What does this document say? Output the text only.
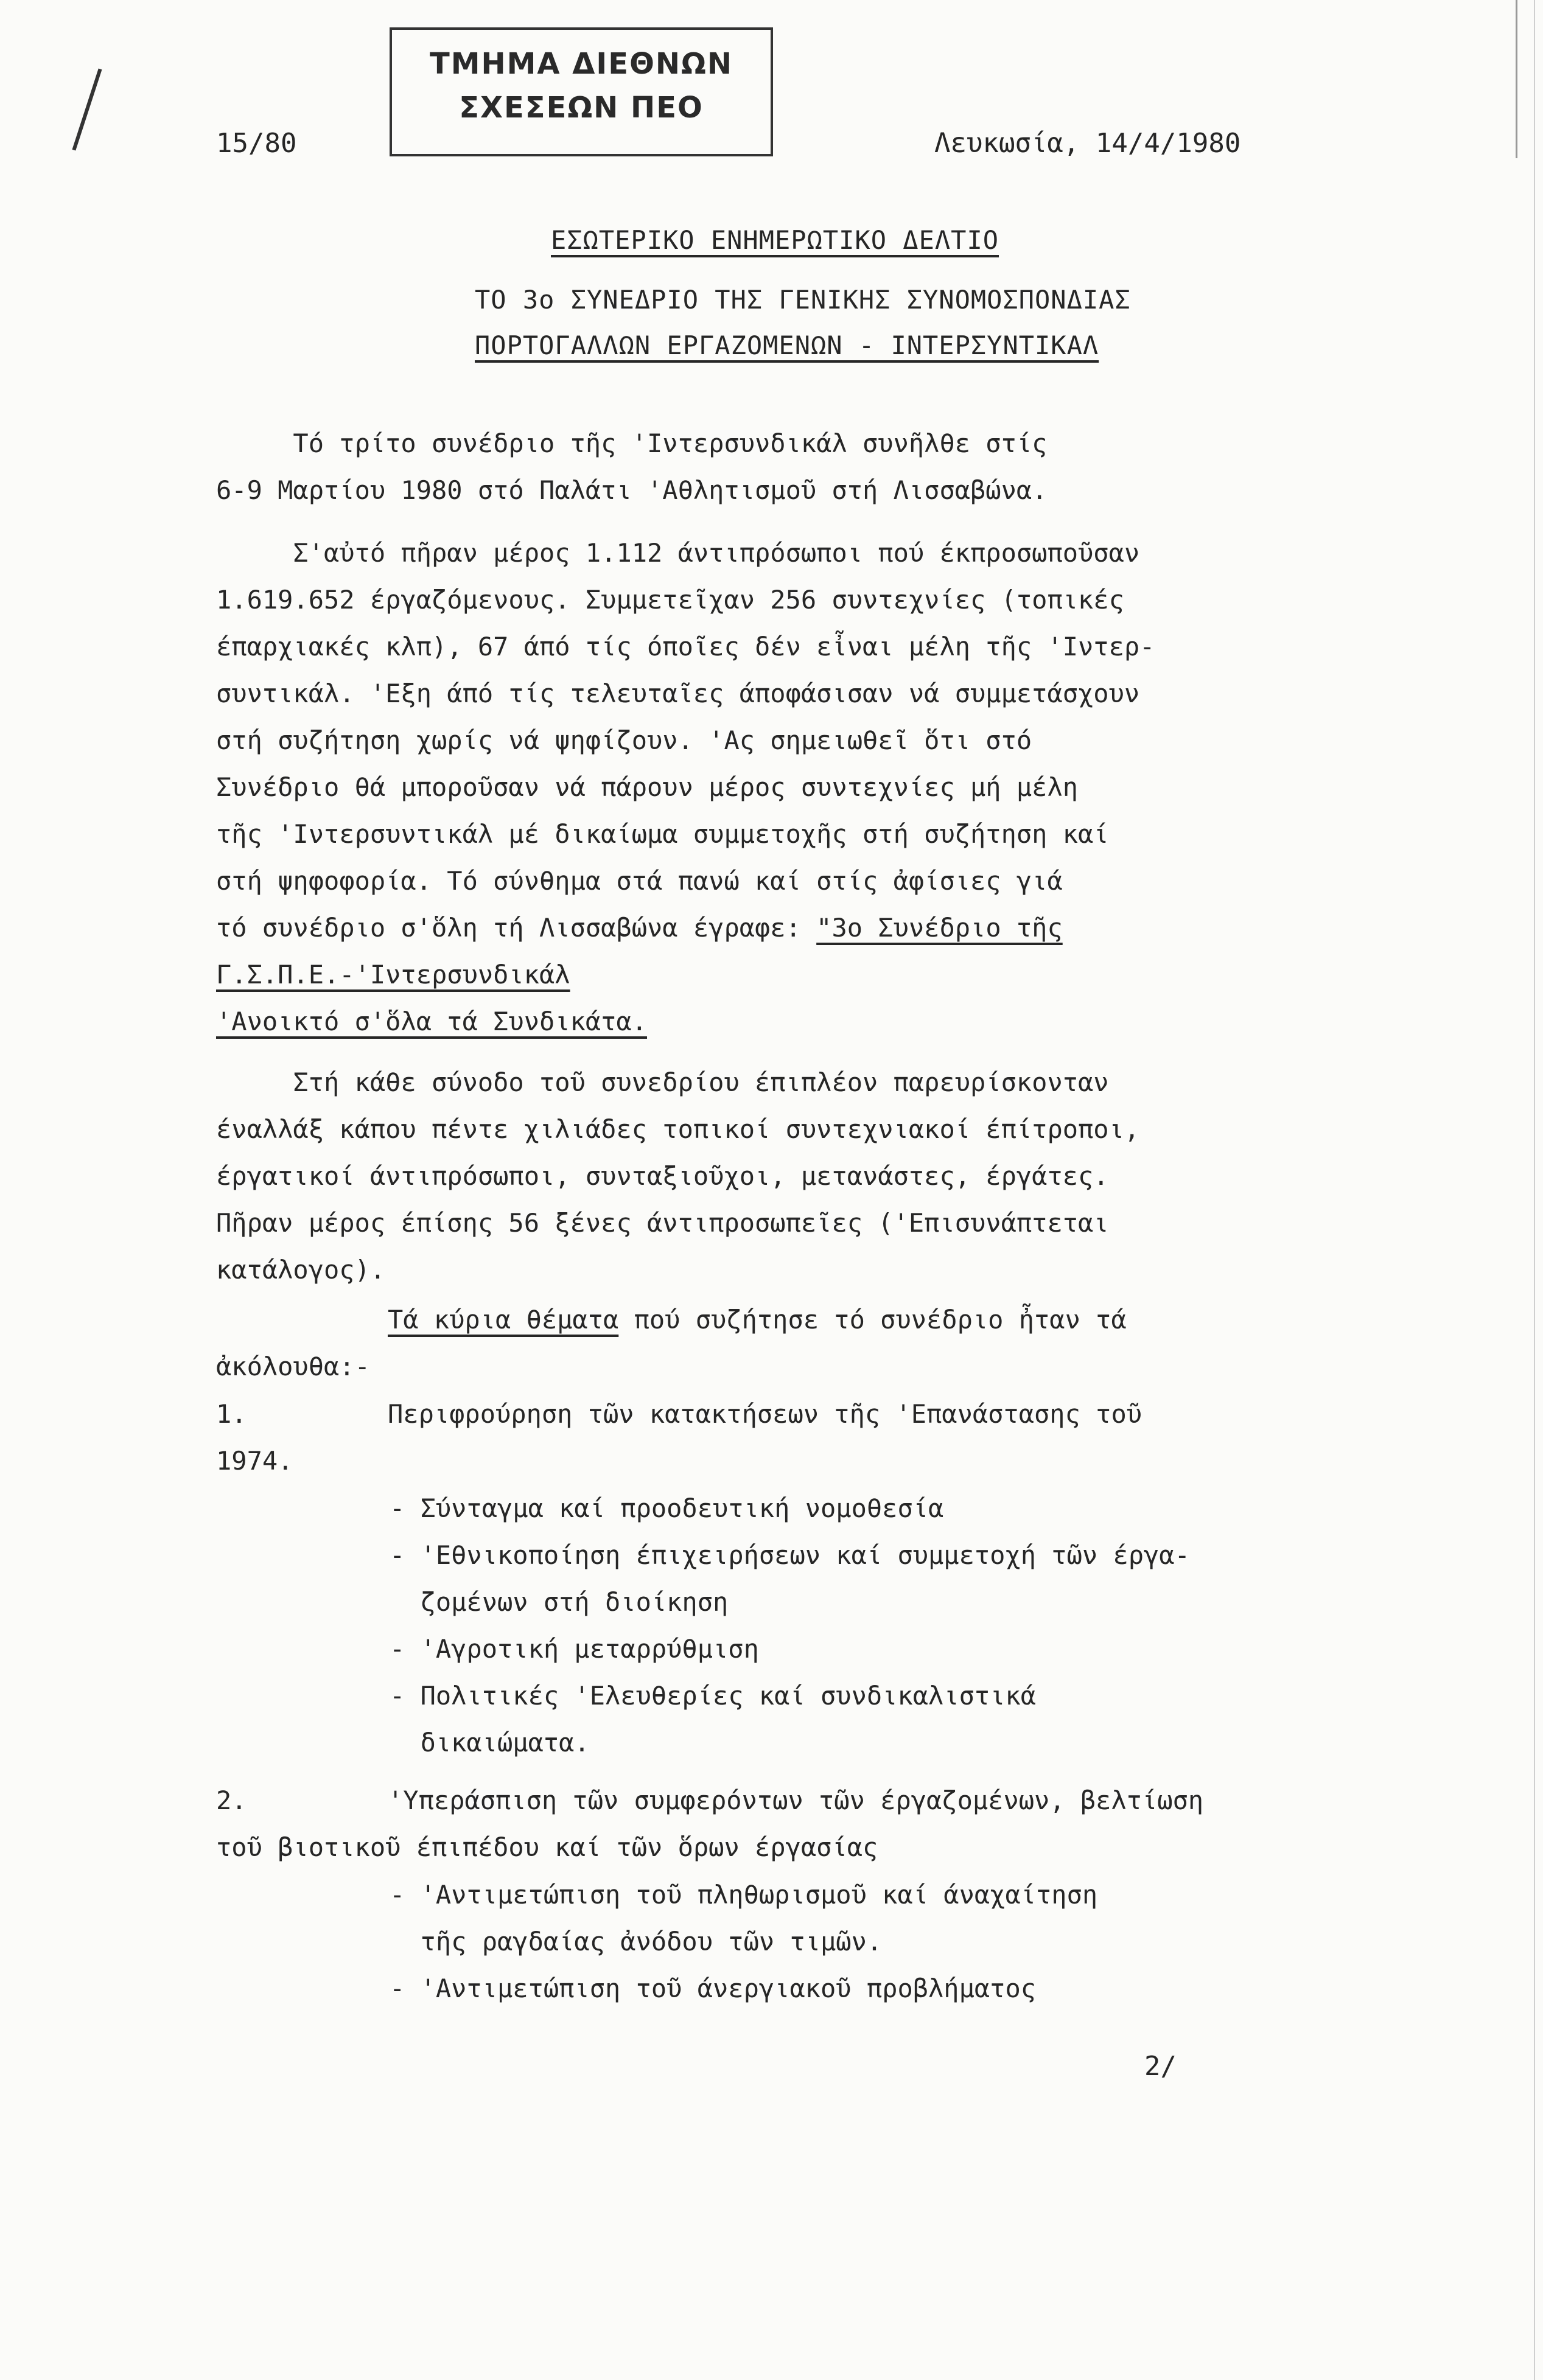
ΤΜΗΜΑ ΔΙΕΘΝΩΝ
ΣΧΕΣΕΩΝ ΠΕΟ
15/80	Λευκωσία, 14/4/1980
ΕΣΩΤΕΡΙΚΟ ΕΝΗΜΕΡΩΤΙΚΟ ΔΕΛΤΙΟ
ΤΟ 3ο ΣΥΝΕΔΡΙΟ ΤΗΣ ΓΕΝΙΚΗΣ ΣΥΝΟΜΟΣΠΟΝΔΙΑΣ
ΠΟΡΤΟΓΑΛΛΩΝ ΕΡΓΑΖΟΜΕΝΩΝ - ΙΝΤΕΡΣΥΝΤΙΚΑΛ
Τό τρίτο συνέδριο τῆς 'Ιντερσυνδικάλ συνῆλθε στίς
6-9 Μαρτίου 1980 στό Παλάτι 'Αθλητισμοῦ στή Λισσαβώνα.
Σ'αὐτό πῆραν μέρος 1.112 άντιπρόσωποι πού έκπροσωποῦσαν
1.619.652 έργαζόμενους. Συμμετεῖχαν 256 συντεχνίες (τοπικές
έπαρχιακές κλπ), 67 άπό τίς όποῖες δέν εἶναι μέλη τῆς 'Ιντερ-
συντικάλ. 'Εξη άπό τίς τελευταῖες άποφάσισαν νά συμμετάσχουν
στή συζήτηση χωρίς νά ψηφίζουν. 'Ας σημειωθεῖ ὅτι στό
Συνέδριο θά μποροῦσαν νά πάρουν μέρος συντεχνίες μή μέλη
τῆς 'Ιντερσυντικάλ μέ δικαίωμα συμμετοχῆς στή συζήτηση καί
στή ψηφοφορία. Τό σύνθημα στά πανώ καί στίς ἀφίσιες γιά
τό συνέδριο σ'ὅλη τή Λισσαβώνα έγραφε: "3ο Συνέδριο τῆς
Γ.Σ.Π.Ε.-'Ιντερσυνδικάλ
'Ανοικτό σ'ὅλα τά Συνδικάτα.
Στή κάθε σύνοδο τοῦ συνεδρίου έπιπλέον παρευρίσκονταν
έναλλάξ κάπου πέντε χιλιάδες τοπικοί συντεχνιακοί έπίτροποι,
έργατικοί άντιπρόσωποι, συνταξιοῦχοι, μετανάστες, έργάτες.
Πῆραν μέρος έπίσης 56 ξένες άντιπροσωπεῖες ('Επισυνάπτεται
κατάλογος).
Τά κύρια θέματα πού συζήτησε τό συνέδριο ἦταν τά
ἀκόλουθα:-
1.	Περιφρούρηση τῶν κατακτήσεων τῆς 'Επανάστασης τοῦ
1974.
- Σύνταγμα καί προοδευτική νομοθεσία
- 'Εθνικοποίηση έπιχειρήσεων καί συμμετοχή τῶν έργα-
ζομένων στή διοίκηση
- 'Αγροτική μεταρρύθμιση
- Πολιτικές 'Ελευθερίες καί συνδικαλιστικά
δικαιώματα.
2.	'Υπεράσπιση τῶν συμφερόντων τῶν έργαζομένων, βελτίωση
τοῦ βιοτικοῦ έπιπέδου καί τῶν ὅρων έργασίας
- 'Αντιμετώπιση τοῦ πληθωρισμοῦ καί άναχαίτηση
τῆς ραγδαίας ἀνόδου τῶν τιμῶν.
- 'Αντιμετώπιση τοῦ άνεργιακοῦ προβλήματος
2/
